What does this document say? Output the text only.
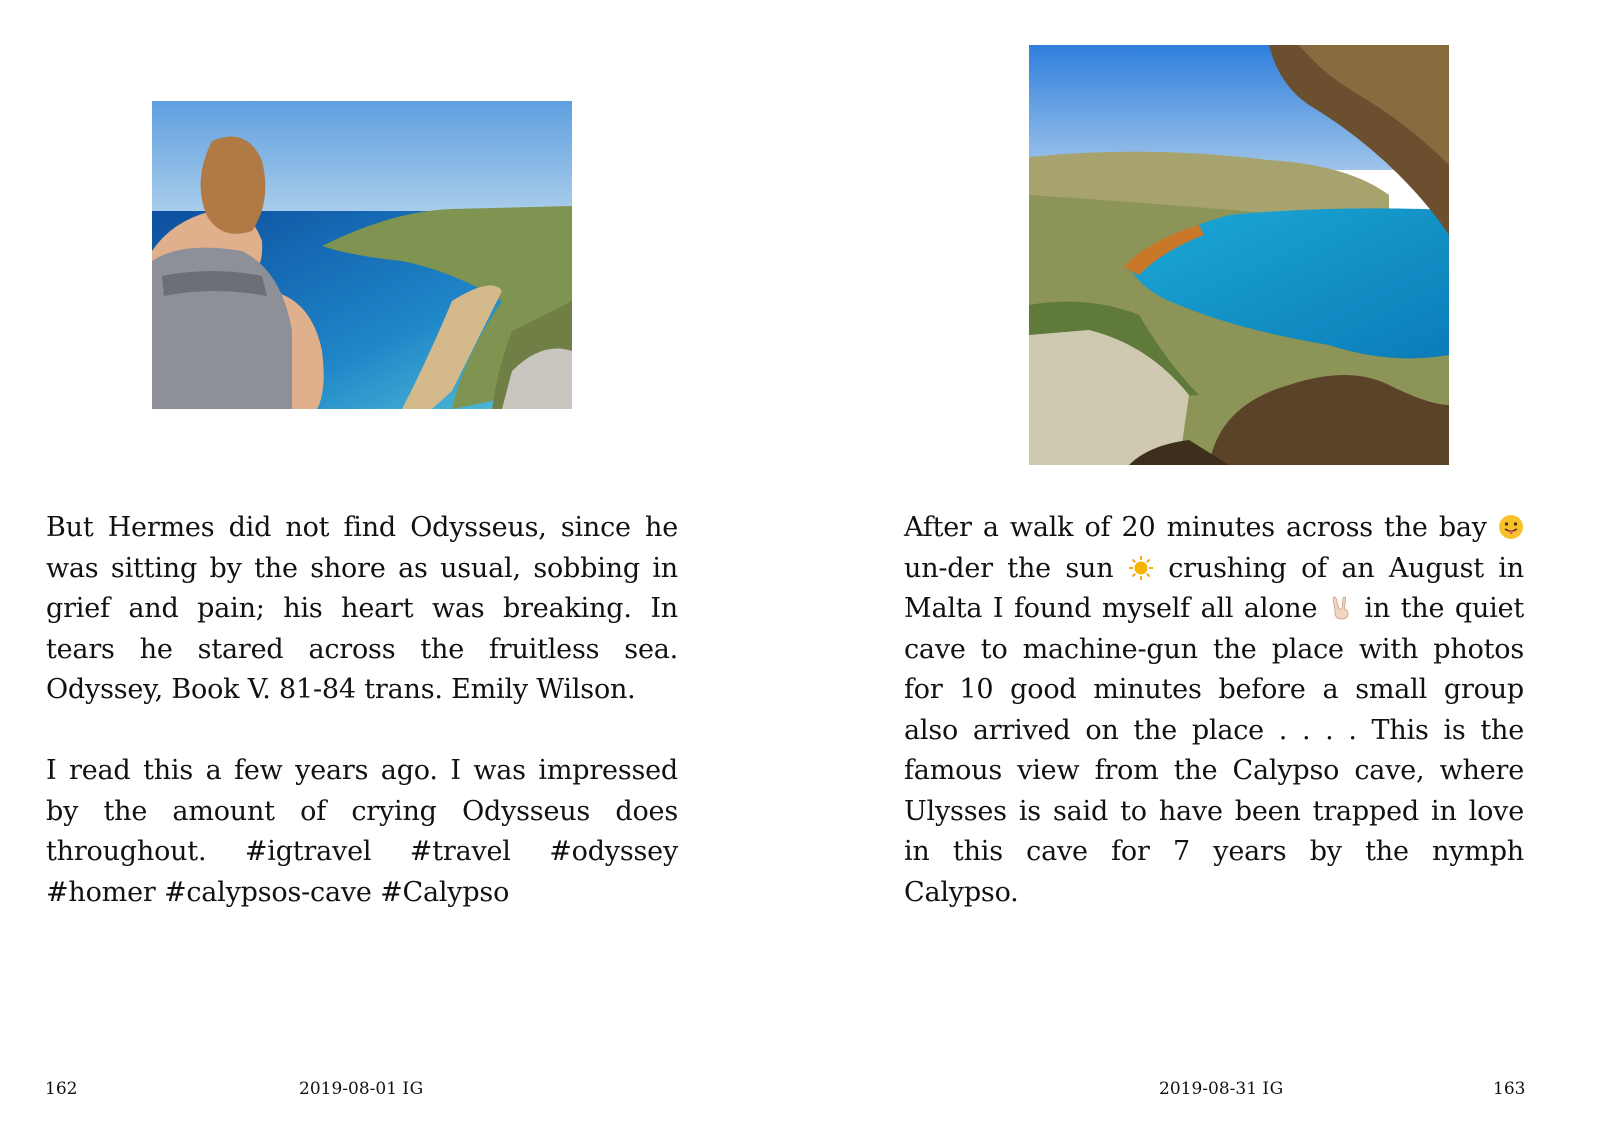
But Hermes did not find Odysseus, since he was sitting by the shore as usual, sobbing in grief and pain; his heart was breaking. In tears he stared across the fruitless sea. Odyssey, Book V. 81-84 trans. Emily Wilson.

I read this a few years ago. I was impressed by the amount of crying Odysseus does throughout. #igtravel #travel #odyssey #homer #calypsos-cave #Calypso

162	2019-08-01 IG

After a walk of 20 minutes across the bay  un-der the sun  crushing of an August in Malta I found myself all alone  in the quiet cave to machine-gun the place with photos for 10 good minutes before a small group also arrived on the place . . . . This is the famous view from the Calypso cave, where Ulysses is said to have been trapped in love in this cave for 7 years by the nymph Calypso.

2019-08-31 IG	163
